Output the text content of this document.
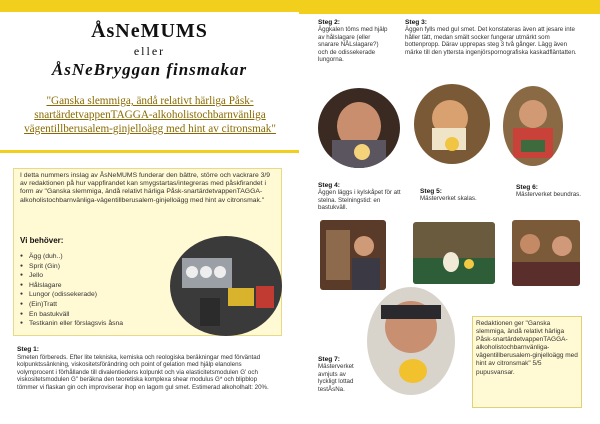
ÅsNeMUMS
eller
ÅsNeBryggan finsmakar
"Ganska slemmiga, ändå relativt härliga Påsk-snartärdetvappenTAGGA-alkoholistochbarnvänliga vägentillberusalem-ginjelloägg med hint av citronsmak"
Steg 2:
Äggkalen töms med hjälp av hålslagare (eller snarare NÅLslagare?) och de odissekerade lungorna.
Steg 3:
Äggen fylls med gul smet. Det konstateras även att jesare inte håller tätt, medan smält socker fungerar utmärkt som bottenpropp. Därav upprepas steg 3 två gånger. Lägg även märke till den yttersta ingenjörspornografiska kaskadfläntatten.
Steg 4:
Äggen läggs i kylskåpet för att stelna. Stelningstid: en bastukväll.
Steg 5:
Mästerverket skalas.
Steg 6:
Mästerverket beundras.
Steg 7:
Mästerverket avnjuts av lyckligt lottad testÅsNa.
I detta nummers inslag av ÅsNeMUMS funderar den bättre, större och vackrare 3/9 av redaktionen på hur vappfirandet kan smygstartas/integreras med påskfirandet i form av "Ganska slemmiga, ändå relativt härliga Påsk-snartärdetvappenTAGGA-alkoholistochbarnvänliga-vägentillberusalem-ginjelloägg med hint av citronsmak."
Vi behöver:
● Ägg (duh..)
● Sprit (Gin)
● Jello
● Hålslagare
● Lungor (odissekerade)
● (Ein)Tratt
● En bastukväll
● Testkanin eller förslagsvis åsna
Steg 1:
Smeten förbereds. Efter lite tekniska, kemiska och reologiska beräkningar med förväntad kolpunktssänkning, viskositetsförändring och point of gelation med hjälp elanolens volymprocent i förhållande till divalentiedens kolpunkt och via elasticitetsmodulen G' och viskositetsmodulen G'' beräkna den teoretiska komplexa shear modulus G* och blipblop tömmer vi flaskan gin och improviserar ihop en lagom gul smet. Estimerad alkoholhalt: 20%.
Redaktionen ger "Ganska slemmiga, ändå relativt härliga Påsk-snartärdetvappenTAGGA-alkoholistochbarnvänliga-vägentillberusalem-ginjelloägg med hint av citronsmak" 5/5 pupusvansar.
